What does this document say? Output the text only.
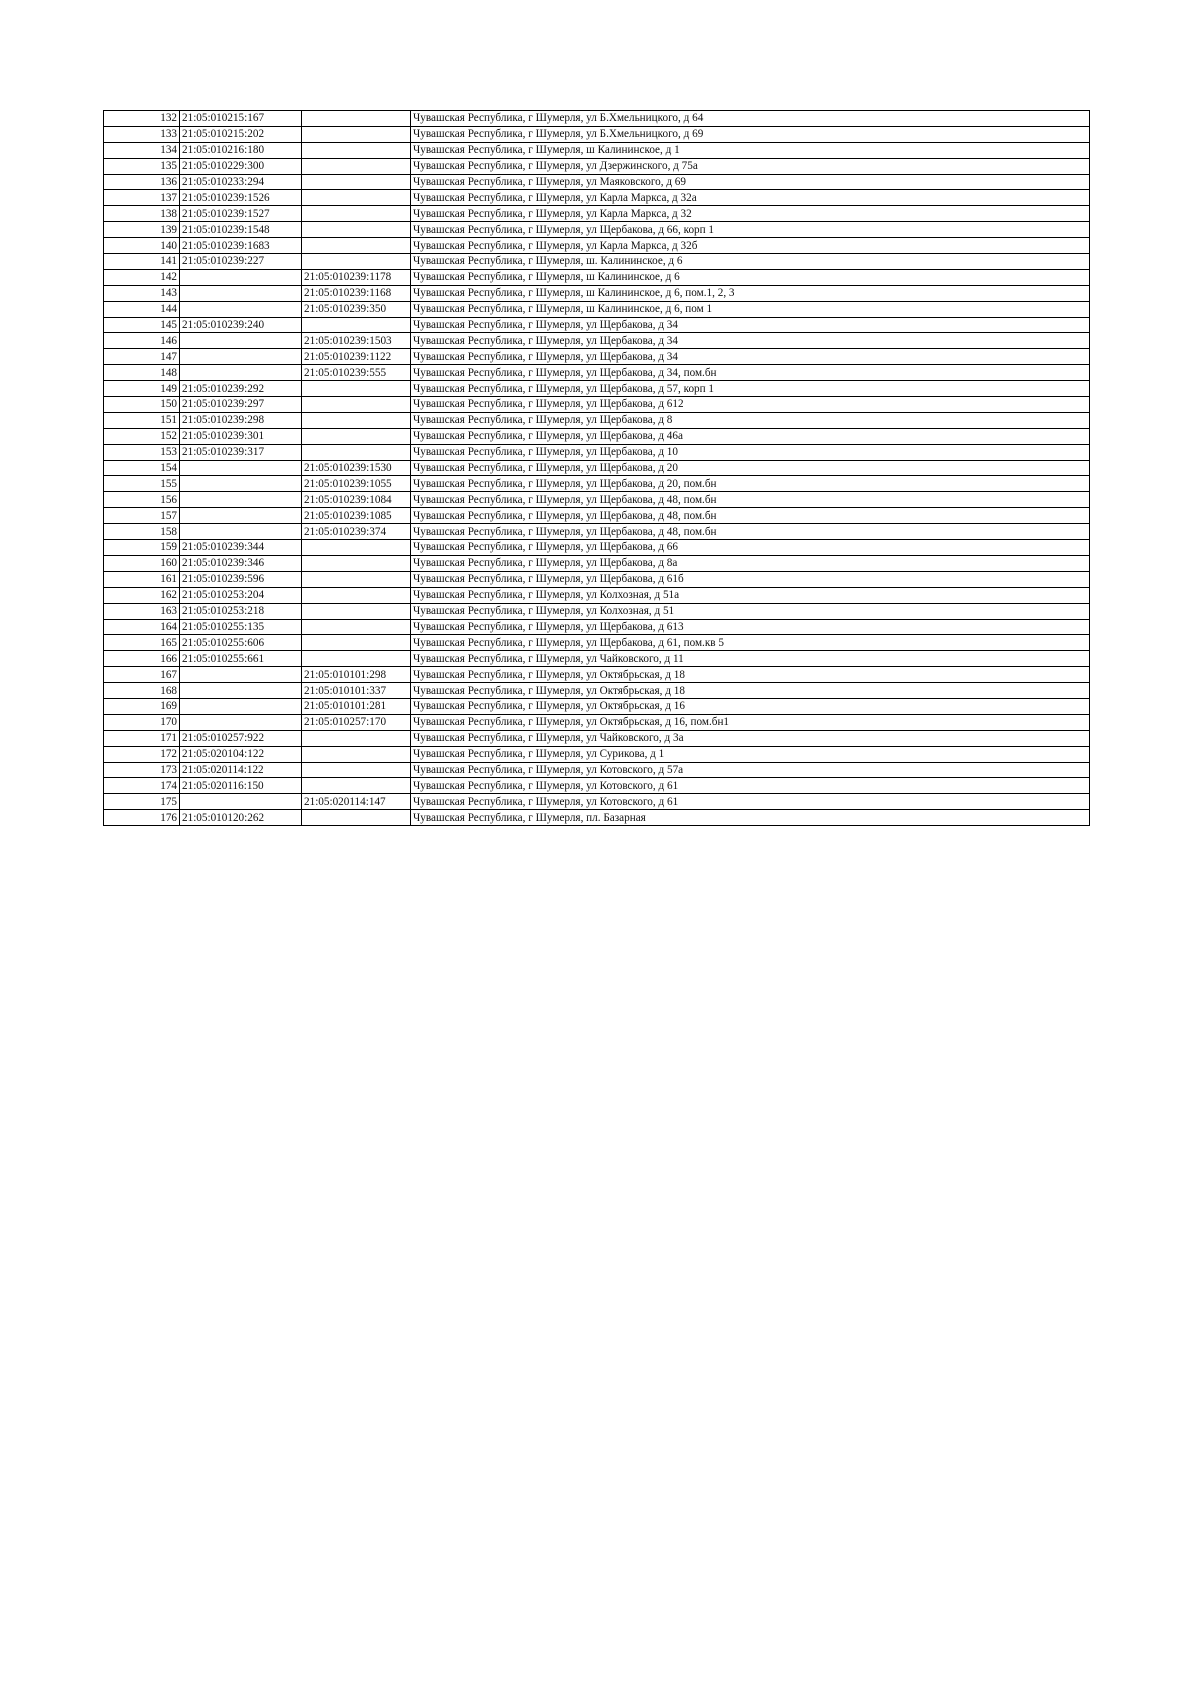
132	21:05:010215:167		Чувашская Республика, г Шумерля, ул Б.Хмельницкого, д 64
133	21:05:010215:202		Чувашская Республика, г Шумерля, ул Б.Хмельницкого, д 69
134	21:05:010216:180		Чувашская Республика, г Шумерля, ш Калининское, д 1
135	21:05:010229:300		Чувашская Республика, г Шумерля, ул Дзержинского, д 75а
136	21:05:010233:294		Чувашская Республика, г Шумерля, ул Маяковского, д 69
137	21:05:010239:1526		Чувашская Республика, г Шумерля, ул Карла Маркса, д 32а
138	21:05:010239:1527		Чувашская Республика, г Шумерля, ул Карла Маркса, д 32
139	21:05:010239:1548		Чувашская Республика, г Шумерля, ул Щербакова, д 66, корп 1
140	21:05:010239:1683		Чувашская Республика, г Шумерля, ул Карла Маркса, д 32б
141	21:05:010239:227		Чувашская Республика, г Шумерля, ш. Калининское, д 6
142		21:05:010239:1178	Чувашская Республика, г Шумерля, ш Калининское, д 6
143		21:05:010239:1168	Чувашская Республика, г Шумерля, ш Калининское, д 6, пом.1, 2, 3
144		21:05:010239:350	Чувашская Республика, г Шумерля, ш Калининское, д 6, пом 1
145	21:05:010239:240		Чувашская Республика, г Шумерля, ул Щербакова, д 34
146		21:05:010239:1503	Чувашская Республика, г Шумерля, ул Щербакова, д 34
147		21:05:010239:1122	Чувашская Республика, г Шумерля, ул Щербакова, д 34
148		21:05:010239:555	Чувашская Республика, г Шумерля, ул Щербакова, д 34, пом.бн
149	21:05:010239:292		Чувашская Республика, г Шумерля, ул Щербакова, д 57, корп 1
150	21:05:010239:297		Чувашская Республика, г Шумерля, ул Щербакова, д 612
151	21:05:010239:298		Чувашская Республика, г Шумерля, ул Щербакова, д 8
152	21:05:010239:301		Чувашская Республика, г Шумерля, ул Щербакова, д 46а
153	21:05:010239:317		Чувашская Республика, г Шумерля, ул Щербакова, д 10
154		21:05:010239:1530	Чувашская Республика, г Шумерля, ул Щербакова, д 20
155		21:05:010239:1055	Чувашская Республика, г Шумерля, ул Щербакова, д 20, пом.бн
156		21:05:010239:1084	Чувашская Республика, г Шумерля, ул Щербакова, д 48, пом.бн
157		21:05:010239:1085	Чувашская Республика, г Шумерля, ул Щербакова, д 48, пом.бн
158		21:05:010239:374	Чувашская Республика, г Шумерля, ул Щербакова, д 48, пом.бн
159	21:05:010239:344		Чувашская Республика, г Шумерля, ул Щербакова, д 66
160	21:05:010239:346		Чувашская Республика, г Шумерля, ул Щербакова, д 8а
161	21:05:010239:596		Чувашская Республика, г Шумерля, ул Щербакова, д 61б
162	21:05:010253:204		Чувашская Республика, г Шумерля, ул Колхозная, д 51а
163	21:05:010253:218		Чувашская Республика, г Шумерля, ул Колхозная, д 51
164	21:05:010255:135		Чувашская Республика, г Шумерля, ул Щербакова, д 613
165	21:05:010255:606		Чувашская Республика, г Шумерля, ул Щербакова, д 61, пом.кв 5
166	21:05:010255:661		Чувашская Республика, г Шумерля, ул Чайковского, д 11
167		21:05:010101:298	Чувашская Республика, г Шумерля, ул Октябрьская, д 18
168		21:05:010101:337	Чувашская Республика, г Шумерля, ул Октябрьская, д 18
169		21:05:010101:281	Чувашская Республика, г Шумерля, ул Октябрьская, д 16
170		21:05:010257:170	Чувашская Республика, г Шумерля, ул Октябрьская, д 16, пом.бн1
171	21:05:010257:922		Чувашская Республика, г Шумерля, ул Чайковского, д 3а
172	21:05:020104:122		Чувашская Республика, г Шумерля, ул Сурикова, д 1
173	21:05:020114:122		Чувашская Республика, г Шумерля, ул Котовского, д 57а
174	21:05:020116:150		Чувашская Республика, г Шумерля, ул Котовского, д 61
175		21:05:020114:147	Чувашская Республика, г Шумерля, ул Котовского, д 61
176	21:05:010120:262		Чувашская Республика, г Шумерля, пл. Базарная
